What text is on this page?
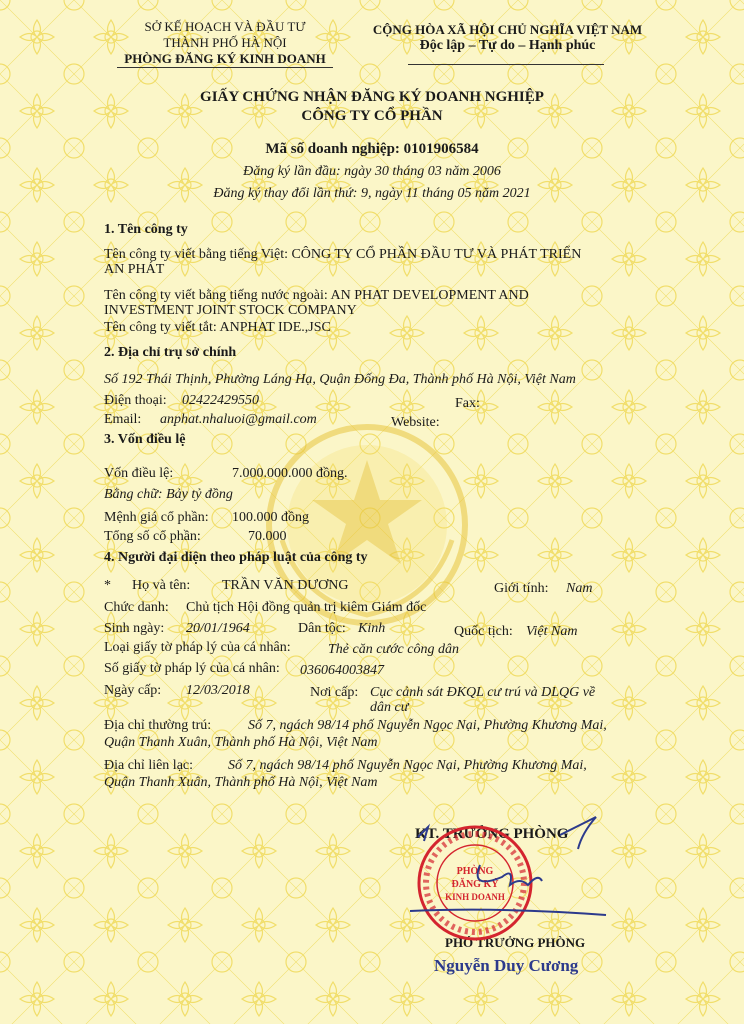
SỞ KẾ HOẠCH VÀ ĐẦU TƯ
THÀNH PHỐ HÀ NỘI
PHÒNG ĐĂNG KÝ KINH DOANH
CỘNG HÒA XÃ HỘI CHỦ NGHĨA VIỆT NAM
Độc lập – Tự do – Hạnh phúc
GIẤY CHỨNG NHẬN ĐĂNG KÝ DOANH NGHIỆP
CÔNG TY CỔ PHẦN
Mã số doanh nghiệp: 0101906584
Đăng ký lần đầu: ngày 30 tháng 03 năm 2006
Đăng ký thay đổi lần thứ: 9, ngày 11 tháng 05 năm 2021
1. Tên công ty
Tên công ty viết bằng tiếng Việt: CÔNG TY CỔ PHẦN ĐẦU TƯ VÀ PHÁT TRIỂN
AN PHÁT
Tên công ty viết bằng tiếng nước ngoài: AN PHAT DEVELOPMENT AND
INVESTMENT JOINT STOCK COMPANY
Tên công ty viết tắt: ANPHAT IDE.,JSC
2. Địa chỉ trụ sở chính
Số 192 Thái Thịnh, Phường Láng Hạ, Quận Đống Đa, Thành phố Hà Nội, Việt Nam
Điện thoại: 02422429550	Fax:
Email: anphat.nhaluoi@gmail.com	Website:
3. Vốn điều lệ
Vốn điều lệ:	7.000.000.000 đồng.
Bằng chữ: Bảy tỷ đồng
Mệnh giá cổ phần: 100.000 đồng
Tổng số cổ phần:	70.000
4. Người đại diện theo pháp luật của công ty
* Họ và tên: TRẦN VĂN DƯƠNG	Giới tính: Nam
Chức danh: Chủ tịch Hội đồng quản trị kiêm Giám đốc
Sinh ngày: 20/01/1964	Dân tộc: Kinh	Quốc tịch: Việt Nam
Loại giấy tờ pháp lý của cá nhân:	Thẻ căn cước công dân
Số giấy tờ pháp lý của cá nhân: 036064003847
Ngày cấp: 12/03/2018	Nơi cấp: Cục cảnh sát ĐKQL cư trú và DLQG về
dân cư
Địa chỉ thường trú:	Số 7, ngách 98/14 phố Nguyễn Ngọc Nại, Phường Khương Mai,
Quận Thanh Xuân, Thành phố Hà Nội, Việt Nam
Địa chỉ liên lạc: Số 7, ngách 98/14 phố Nguyễn Ngọc Nại, Phường Khương Mai,
Quận Thanh Xuân, Thành phố Hà Nội, Việt Nam
KT. TRƯỞNG PHÒNG
PHÒNG
ĐĂNG KÝ
KINH DOANH
PHÓ TRƯỞNG PHÒNG
Nguyễn Duy Cương
